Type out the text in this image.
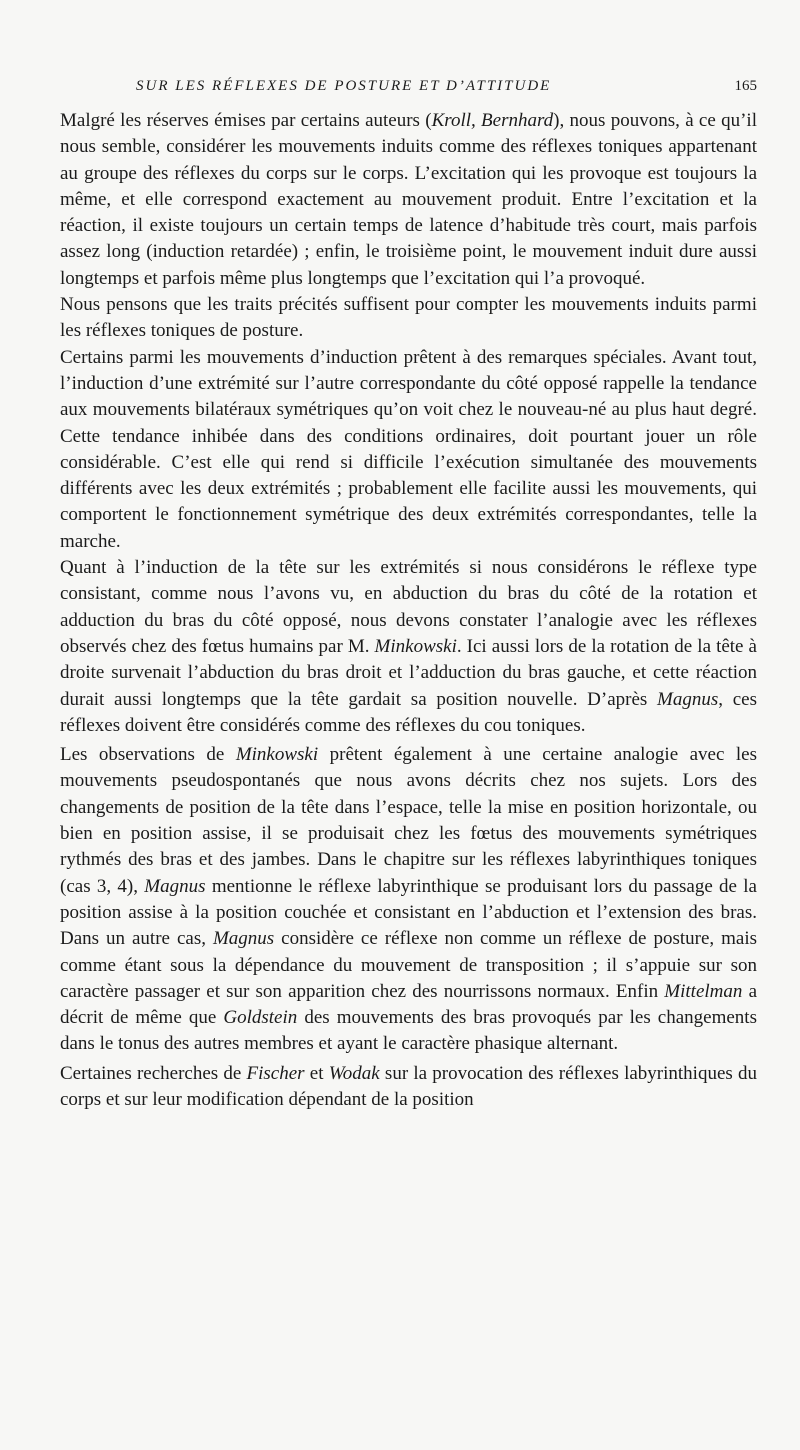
SUR LES RÉFLEXES DE POSTURE ET D’ATTITUDE	165

Malgré les réserves émises par certains auteurs (Kroll, Bernhard), nous pouvons, à ce qu’il nous semble, considérer les mouvements induits comme des réflexes toniques appartenant au groupe des réflexes du corps sur le corps. L’excitation qui les provoque est toujours la même, et elle correspond exactement au mouvement produit. Entre l’excitation et la réaction, il existe toujours un certain temps de latence d’habitude très court, mais parfois assez long (induction retardée) ; enfin, le troisième point, le mouvement induit dure aussi longtemps et parfois même plus longtemps que l’excitation qui l’a provoqué.

Nous pensons que les traits précités suffisent pour compter les mouvements induits parmi les réflexes toniques de posture.

Certains parmi les mouvements d’induction prêtent à des remarques spéciales. Avant tout, l’induction d’une extrémité sur l’autre correspondante du côté opposé rappelle la tendance aux mouvements bilatéraux symétriques qu’on voit chez le nouveau-né au plus haut degré. Cette tendance inhibée dans des conditions ordinaires, doit pourtant jouer un rôle considérable. C’est elle qui rend si difficile l’exécution simultanée des mouvements différents avec les deux extrémités ; probablement elle facilite aussi les mouvements, qui comportent le fonctionnement symétrique des deux extrémités correspondantes, telle la marche.

Quant à l’induction de la tête sur les extrémités si nous considérons le réflexe type consistant, comme nous l’avons vu, en abduction du bras du côté de la rotation et adduction du bras du côté opposé, nous devons constater l’analogie avec les réflexes observés chez des fœtus humains par M. Minkowski. Ici aussi lors de la rotation de la tête à droite survenait l’abduction du bras droit et l’adduction du bras gauche, et cette réaction durait aussi longtemps que la tête gardait sa position nouvelle. D’après Magnus, ces réflexes doivent être considérés comme des réflexes du cou toniques.

Les observations de Minkowski prêtent également à une certaine analogie avec les mouvements pseudospontanés que nous avons décrits chez nos sujets. Lors des changements de position de la tête dans l’espace, telle la mise en position horizontale, ou bien en position assise, il se produisait chez les fœtus des mouvements symétriques rythmés des bras et des jambes. Dans le chapitre sur les réflexes labyrinthiques toniques (cas 3, 4), Magnus mentionne le réflexe labyrinthique se produisant lors du passage de la position assise à la position couchée et consistant en l’abduction et l’extension des bras. Dans un autre cas, Magnus considère ce réflexe non comme un réflexe de posture, mais comme étant sous la dépendance du mouvement de transposition ; il s’appuie sur son caractère passager et sur son apparition chez des nourrissons normaux. Enfin Mittelman a décrit de même que Goldstein des mouvements des bras provoqués par les changements dans le tonus des autres membres et ayant le caractère phasique alternant.

Certaines recherches de Fischer et Wodak sur la provocation des réflexes labyrinthiques du corps et sur leur modification dépendant de la position
